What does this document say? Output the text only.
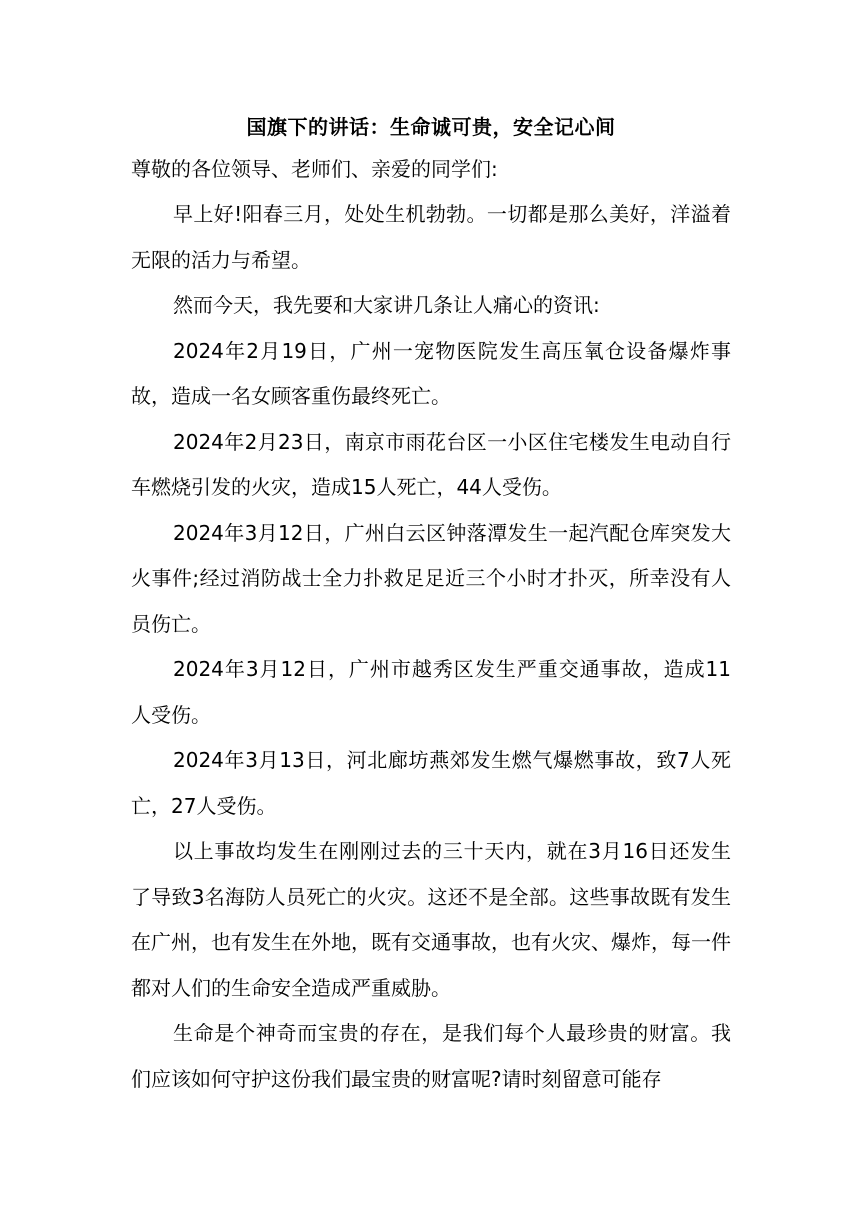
国旗下的讲话：生命诚可贵，安全记心间

尊敬的各位领导、老师们、亲爱的同学们:

早上好!阳春三月，处处生机勃勃。一切都是那么美好，洋溢着无限的活力与希望。

然而今天，我先要和大家讲几条让人痛心的资讯:

2024年2月19日，广州一宠物医院发生高压氧仓设备爆炸事故，造成一名女顾客重伤最终死亡。

2024年2月23日，南京市雨花台区一小区住宅楼发生电动自行车燃烧引发的火灾，造成15人死亡，44人受伤。

2024年3月12日，广州白云区钟落潭发生一起汽配仓库突发大火事件;经过消防战士全力扑救足足近三个小时才扑灭，所幸没有人员伤亡。

2024年3月12日，广州市越秀区发生严重交通事故，造成11 人受伤。

2024年3月13日，河北廊坊燕郊发生燃气爆燃事故，致7人死亡，27人受伤。

以上事故均发生在刚刚过去的三十天内，就在3月16日还发生了导致3名海防人员死亡的火灾。这还不是全部。这些事故既有发生在广州，也有发生在外地，既有交通事故，也有火灾、爆炸，每一件都对人们的生命安全造成严重威胁。

生命是个神奇而宝贵的存在，是我们每个人最珍贵的财富。我们应该如何守护这份我们最宝贵的财富呢?请时刻留意可能存
